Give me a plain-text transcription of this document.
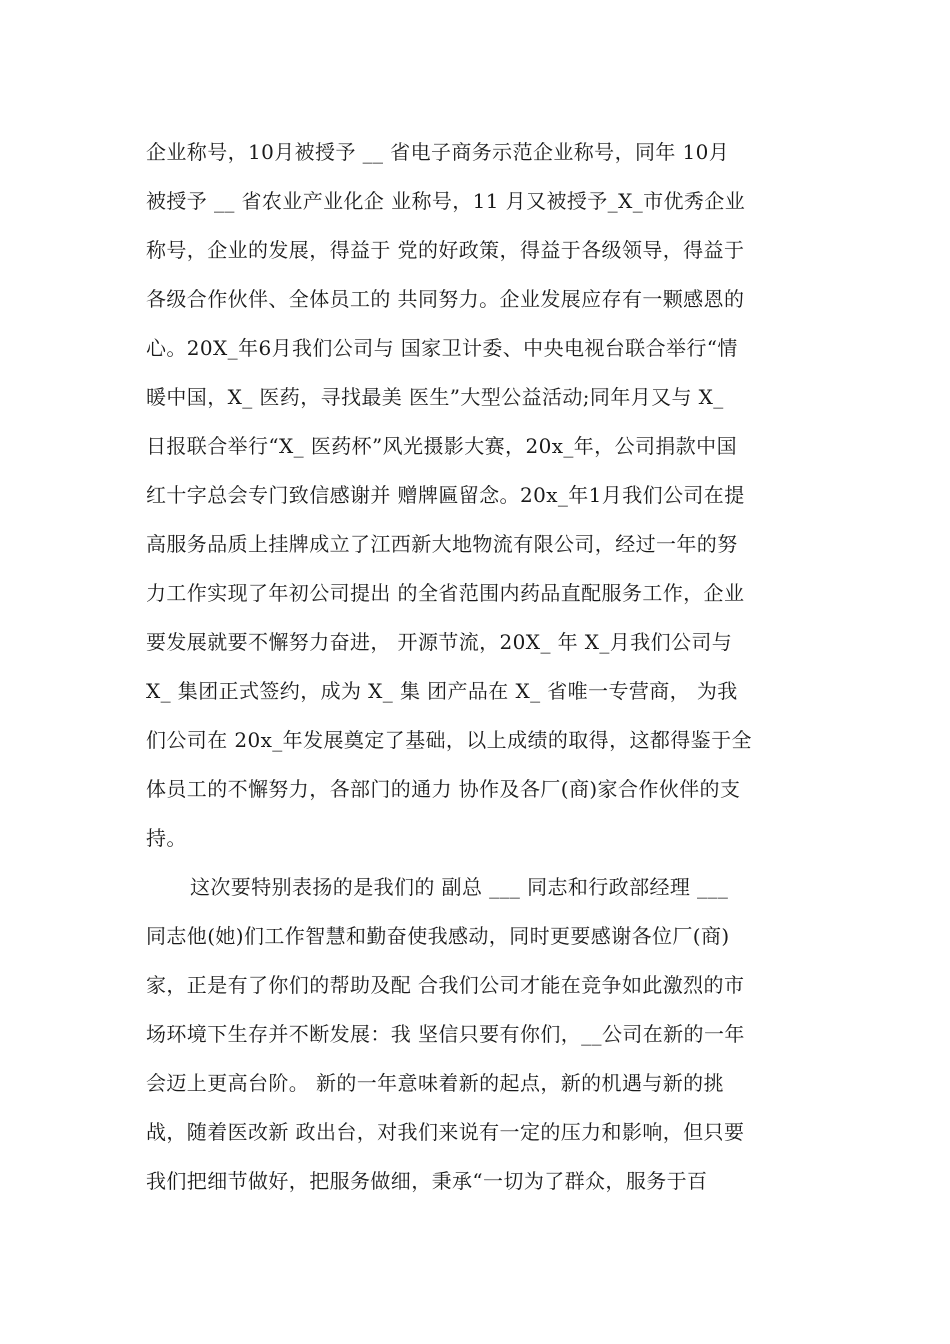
企业称号，10月被授予 __ 省电子商务示范企业称号，同年 10月
被授予 __ 省农业产业化企 业称号，11 月又被授予_X_市优秀企业
称号，企业的发展，得益于 党的好政策，得益于各级领导，得益于
各级合作伙伴、全体员工的 共同努力。企业发展应存有一颗感恩的
心。20X_年6月我们公司与 国家卫计委、中央电视台联合举行“情
暖中国，X_ 医药，寻找最美 医生”大型公益活动;同年月又与 X_
日报联合举行“X_ 医药杯”风光摄影大赛，20x_年，公司捐款中国
红十字总会专门致信感谢并 赠牌匾留念。20x_年1月我们公司在提
高服务品质上挂牌成立了江西新大地物流有限公司，经过一年的努
力工作实现了年初公司提出 的全省范围内药品直配服务工作，企业
要发展就要不懈努力奋进， 开源节流，20X_ 年 X_月我们公司与
X_ 集团正式签约，成为 X_ 集 团产品在 X_ 省唯一专营商， 为我
们公司在 20x_年发展奠定了基础，以上成绩的取得，这都得鉴于全
体员工的不懈努力，各部门的通力 协作及各厂(商)家合作伙伴的支
持。
这次要特别表扬的是我们的 副总 ___ 同志和行政部经理 ___
同志他(她)们工作智慧和勤奋使我感动，同时更要感谢各位厂(商)
家，正是有了你们的帮助及配 合我们公司才能在竞争如此激烈的市
场环境下生存并不断发展：我 坚信只要有你们，__公司在新的一年
会迈上更高台阶。 新的一年意味着新的起点，新的机遇与新的挑
战，随着医改新 政出台，对我们来说有一定的压力和影响，但只要
我们把细节做好，把服务做细，秉承“一切为了群众，服务于百
